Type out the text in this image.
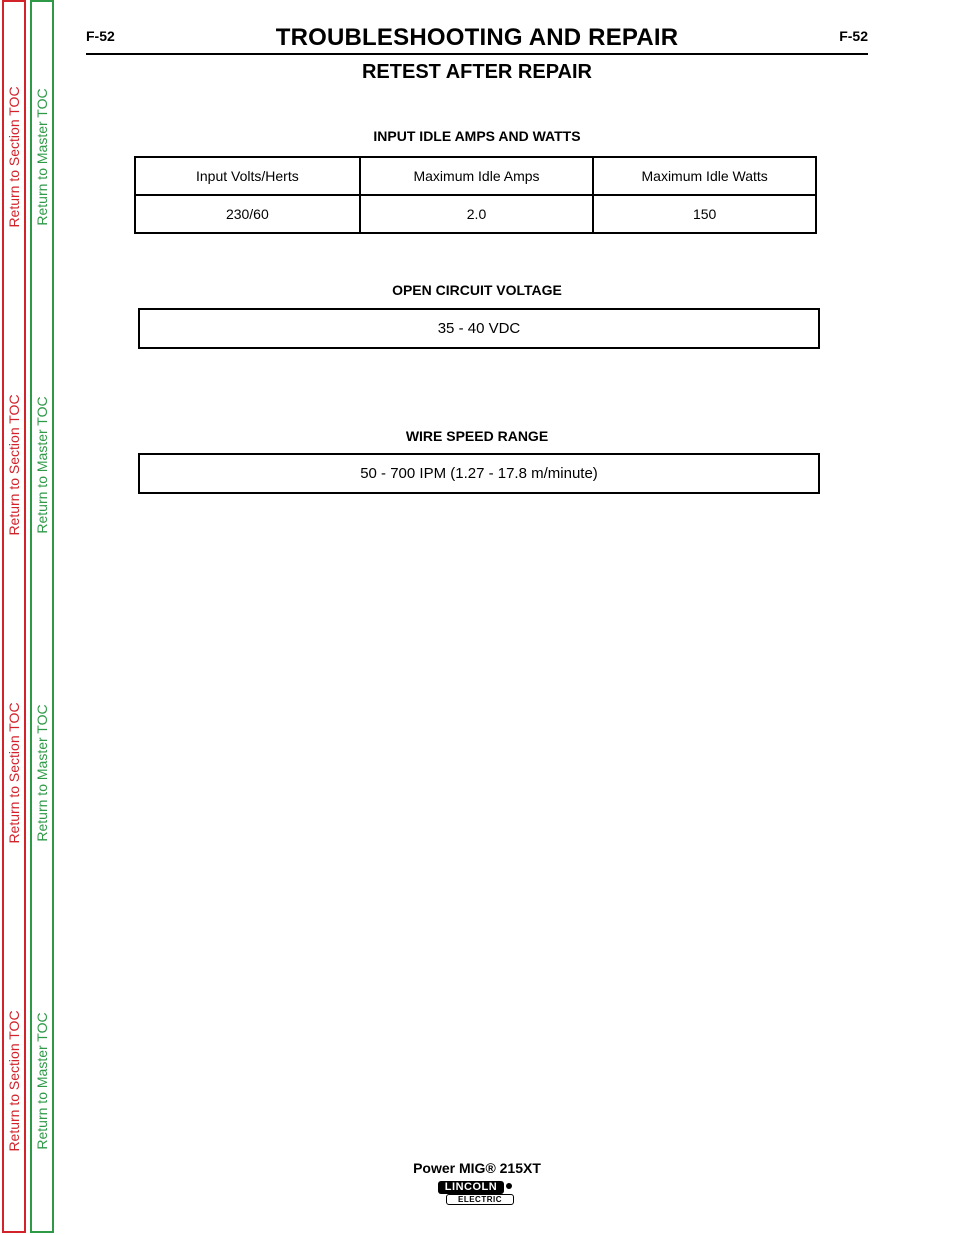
Return to Section TOC
Return to Section TOC
Return to Section TOC
Return to Section TOC
Return to Master TOC
Return to Master TOC
Return to Master TOC
Return to Master TOC
F-52	F-52
TROUBLESHOOTING AND REPAIR
RETEST AFTER REPAIR
INPUT IDLE AMPS AND WATTS
Input Volts/Herts	Maximum Idle Amps	Maximum Idle Watts
230/60	2.0	150
OPEN CIRCUIT VOLTAGE
35 - 40 VDC
WIRE SPEED RANGE
50 - 700 IPM (1.27 - 17.8 m/minute)
Power MIG® 215XT
LINCOLN
ELECTRIC
